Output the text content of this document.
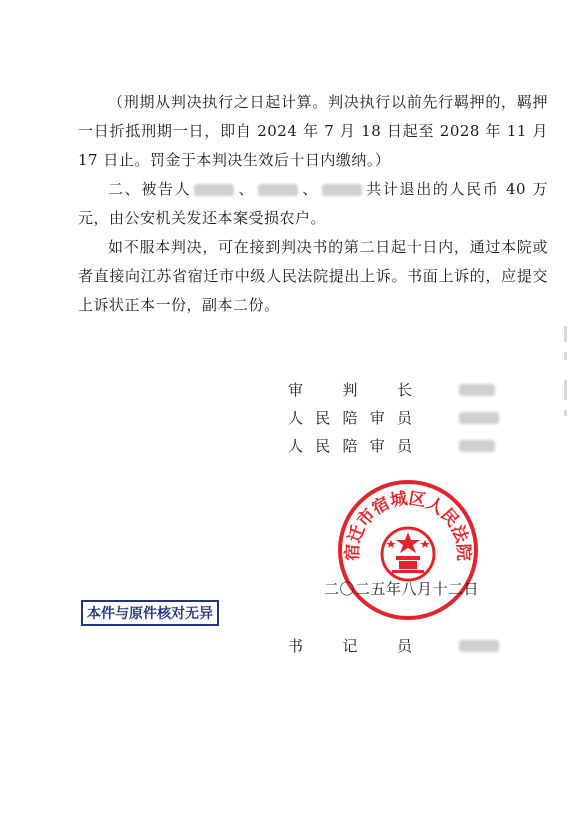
（刑期从判决执行之日起计算。判决执行以前先行羁押的，羁押一日折抵刑期一日，即自 2024 年 7 月 18 日起至 2028 年 11 月 17 日止。罚金于本判决生效后十日内缴纳。）

二、被告人	、	、	共计退出的人民币 40 万元，由公安机关发还本案受损农户。

如不服本判决，可在接到判决书的第二日起十日内，通过本院或者直接向江苏省宿迁市中级人民法院提出上诉。书面上诉的，应提交上诉状正本一份，副本二份。

审	判	长
人 民 陪 审 员
人 民 陪 审 员
宿迁市宿城区人民法院
二〇二五年八月十二日
本件与原件核对无异
书	记	员
